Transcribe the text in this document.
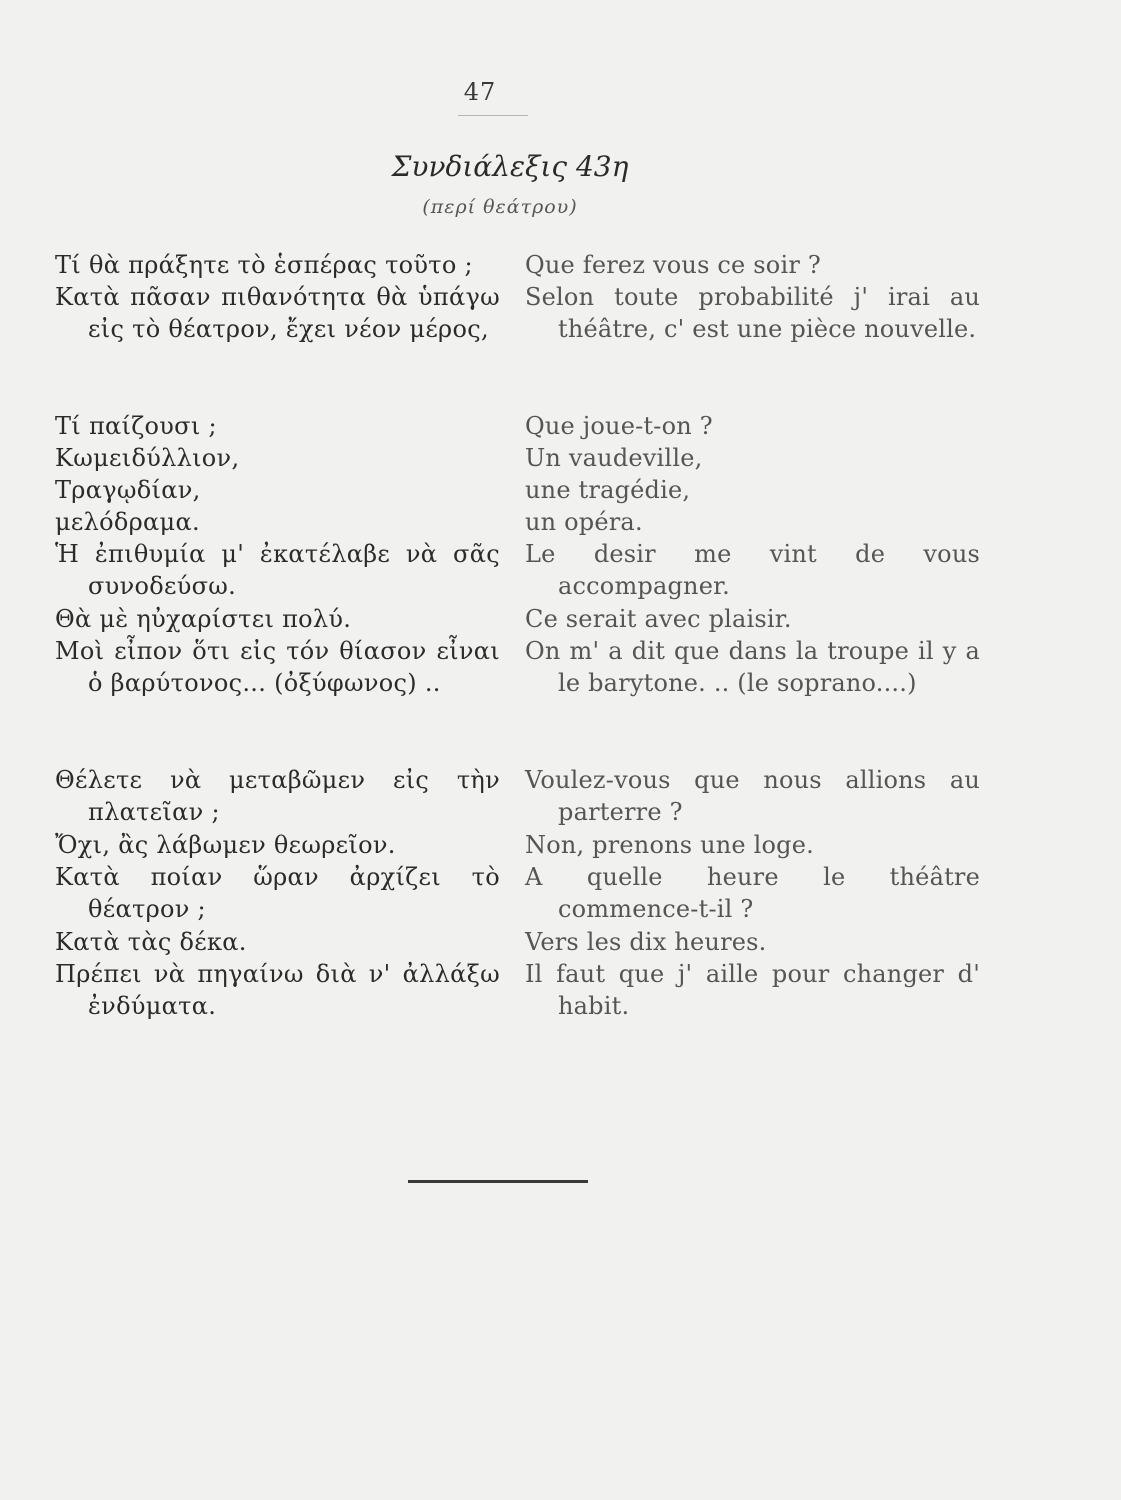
47
Συνδιάλεξις 43η
(περί θεάτρου)
Τί θὰ πράξητε τὸ ἑσπέρας τοῦτο ;
Κατὰ πᾶσαν πιθανότητα θὰ ὑπάγω εἰς τὸ θέατρον, ἔχει νέον μέρος,
Τί παίζουσι ;
Κωμειδύλλιον,
Τραγῳδίαν,
μελόδραμα.
Ἡ ἐπιθυμία μ' ἐκατέλαβε νὰ σᾶς συνοδεύσω.
Θὰ μὲ ηὐχαρίστει πολύ.
Μοὶ εἶπον ὅτι εἰς τόν θίασον εἶναι ὁ βαρύτονος... (ὀξύφωνος) ..
Θέλετε νὰ μεταβῶμεν εἰς τὴν πλατεῖαν ;
Ὄχι, ἂς λάβωμεν θεωρεῖον.
Κατὰ ποίαν ὥραν ἀρχίζει τὸ θέατρον ;
Κατὰ τὰς δέκα.
Πρέπει νὰ πηγαίνω διὰ ν' ἀλλάξω ἐνδύματα.
Que ferez vous ce soir ?
Selon toute probabilité j' irai au théâtre, c' est une pièce nouvelle.
Que joue-t-on ?
Un vaudeville,
une tragédie,
un opéra.
Le desir me vint de vous accompagner.
Ce serait avec plaisir.
On m' a dit que dans la troupe il y a le barytone. .. (le soprano....)
Voulez-vous que nous allions au parterre ?
Non, prenons une loge.
A quelle heure le théâtre commence-t-il ?
Vers les dix heures.
Il faut que j' aille pour changer d' habit.
